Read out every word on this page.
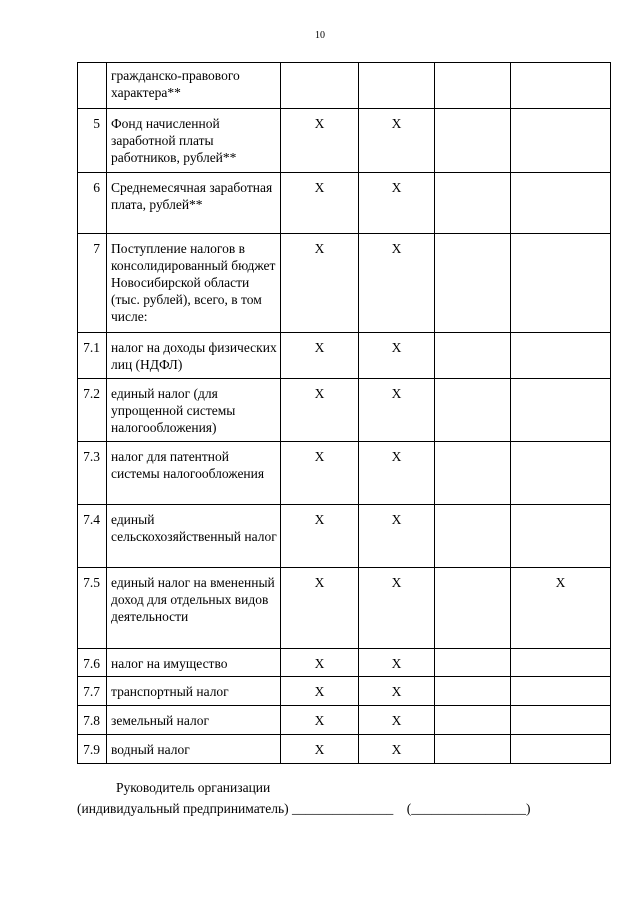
10
	гражданско-правового характера**				
5	Фонд начисленной заработной платы работников, рублей**	Х	Х		
6	Среднемесячная заработная плата, рублей**	Х	Х		
7	Поступление налогов в консолидированный бюджет Новосибирской области (тыс. рублей), всего, в том числе:	Х	Х		
7.1	налог на доходы физических лиц (НДФЛ)	Х	Х		
7.2	единый налог (для упрощенной системы налогообложения)	Х	Х		
7.3	налог для патентной системы налогообложения	Х	Х		
7.4	единый сельскохозяйственный налог	Х	Х		
7.5	единый налог на вмененный доход для отдельных видов деятельности	Х	Х		Х
7.6	налог на имущество	Х	Х		
7.7	транспортный налог	Х	Х		
7.8	земельный налог	Х	Х		
7.9	водный налог	Х	Х		
Руководитель организации
(индивидуальный предприниматель) _______________    (_________________)
